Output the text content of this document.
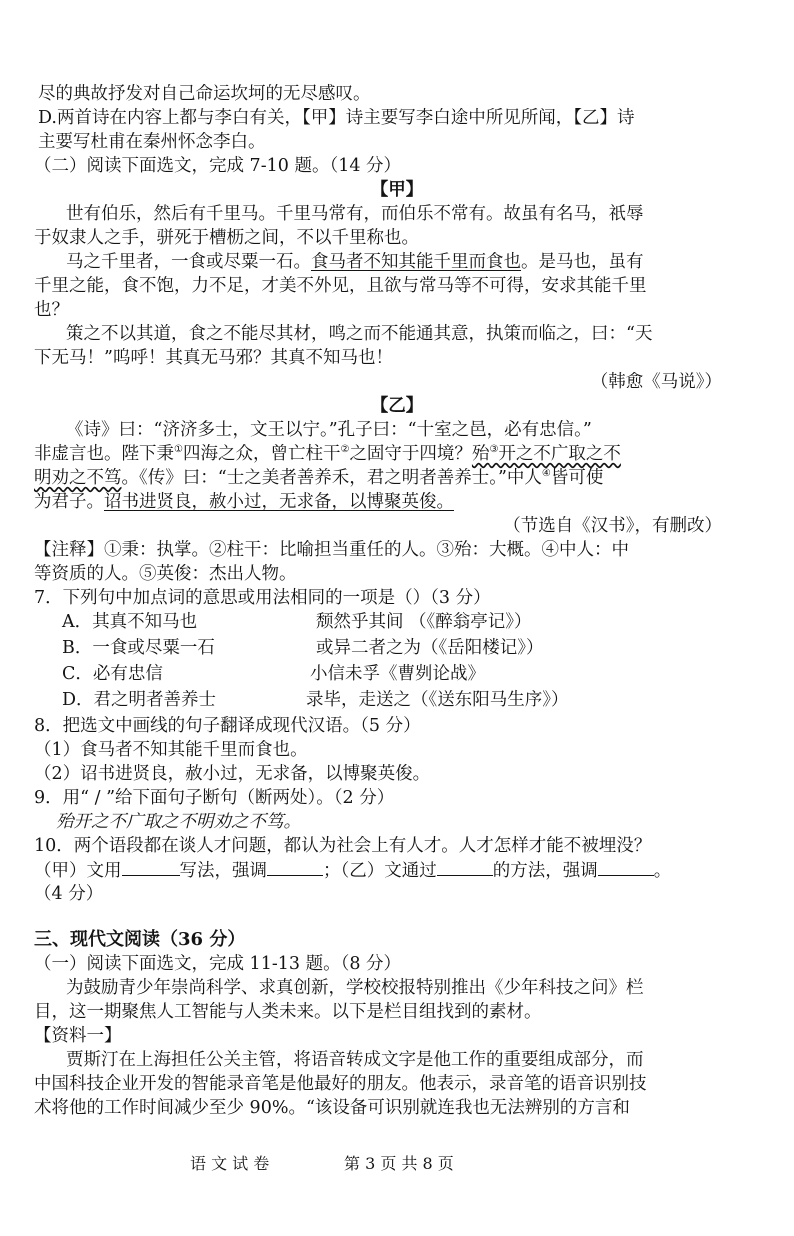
尽的典故抒发对自己命运坎坷的无尽感叹。
D.两首诗在内容上都与李白有关，【甲】诗主要写李白途中所见所闻，【乙】诗
主要写杜甫在秦州怀念李白。
（二）阅读下面选文，完成 7-10 题。（14 分）
【甲】
世有伯乐，然后有千里马。千里马常有，而伯乐不常有。故虽有名马，祇辱
于奴隶人之手，骈死于槽枥之间，不以千里称也。
马之千里者，一食或尽粟一石。食马者不知其能千里而食也。是马也，虽有
千里之能，食不饱，力不足，才美不外见，且欲与常马等不可得，安求其能千里
也？
策之不以其道，食之不能尽其材，鸣之而不能通其意，执策而临之，曰：“天
下无马！”呜呼！其真无马邪？其真不知马也！
（韩愈《马说》）
【乙】
《诗》曰：“济济多士，文王以宁。”孔子曰：“十室之邑，必有忠信。”
非虚言也。陛下秉①四海之众，曾亡柱干②之固守于四境？殆③开之不广取之不
明劝之不笃。《传》曰：“士之美者善养禾，君之明者善养士。”中人④皆可使
为君子。诏书进贤良，赦小过，无求备，以博聚英俊。
（节选自《汉书》，有删改）
【注释】①秉：执掌。②柱干：比喻担当重任的人。③殆：大概。④中人：中
等资质的人。⑤英俊：杰出人物。
7．下列句中加点词的意思或用法相同的一项是（）（3 分）
A．其真不知马也	颓然乎其间 （《醉翁亭记》）
B．一食或尽粟一石	或异二者之为（《岳阳楼记》）
C．必有忠信	小信未孚《曹刿论战》
D．君之明者善养士	录毕，走送之（《送东阳马生序》）
8．把选文中画线的句子翻译成现代汉语。（5 分）
（1）食马者不知其能千里而食也。
（2）诏书进贤良，赦小过，无求备，以博聚英俊。
9．用“ / ”给下面句子断句（断两处）。（2 分）
殆开之不广取之不明劝之不笃。
10．两个语段都在谈人才问题，都认为社会上有人才。人才怎样才能不被埋没？
（甲）文用	写法，强调	；（乙）文通过	的方法，强调	。
（4 分）
三、现代文阅读（36 分）
（一）阅读下面选文，完成 11-13 题。（8 分）
为鼓励青少年崇尚科学、求真创新，学校校报特别推出《少年科技之问》栏
目，这一期聚焦人工智能与人类未来。以下是栏目组找到的素材。
【资料一】
贾斯汀在上海担任公关主管，将语音转成文字是他工作的重要组成部分，而
中国科技企业开发的智能录音笔是他最好的朋友。他表示，录音笔的语音识别技
术将他的工作时间减少至少 90%。“该设备可识别就连我也无法辨别的方言和
语 文 试 卷	第 3 页 共 8 页
